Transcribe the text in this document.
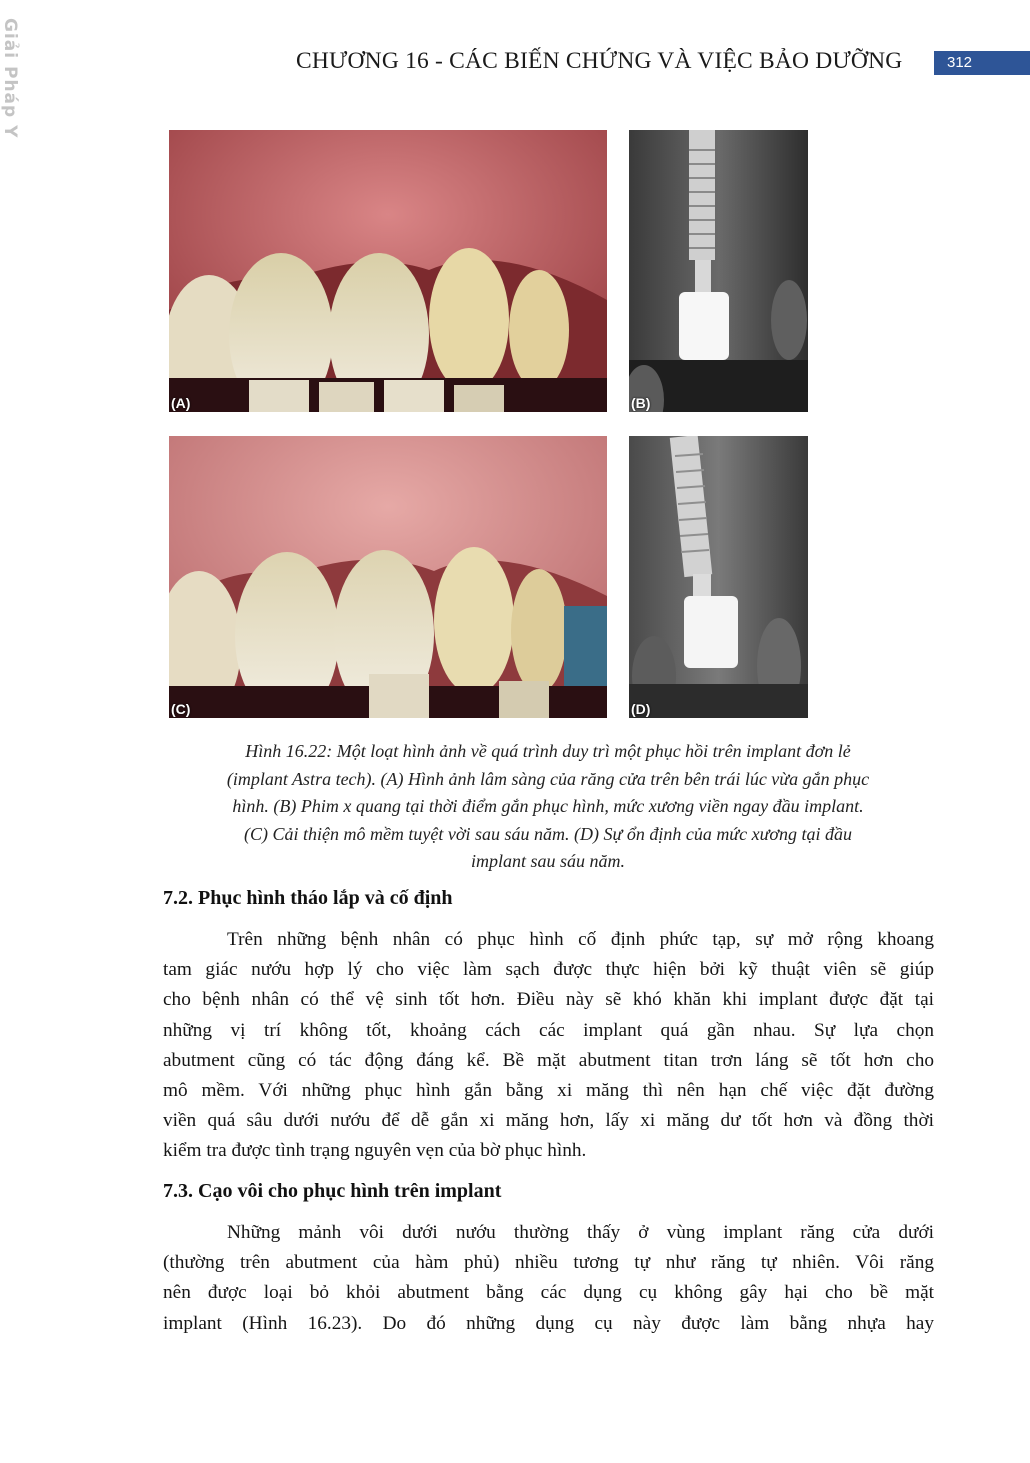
Giải Pháp Y
CHƯƠNG 16 - CÁC BIẾN CHỨNG VÀ VIỆC BẢO DƯỠNG	312
(A)	(B)
(C)	(D)

Hình 16.22: Một loạt hình ảnh về quá trình duy trì một phục hồi trên implant đơn lẻ

(implant Astra tech). (A) Hình ảnh lâm sàng của răng cửa trên bên trái lúc vừa gắn phục

hình. (B) Phim x quang tại thời điểm gắn phục hình, mức xương viền ngay đầu implant.

(C) Cải thiện mô mềm tuyệt vời sau sáu năm. (D) Sự ổn định của mức xương tại đầu

implant sau sáu năm.

7.2. Phục hình tháo lắp và cố định
Trên những bệnh nhân có phục hình cố định phức tạp, sự mở rộng khoang
tam giác nướu hợp lý cho việc làm sạch được thực hiện bởi kỹ thuật viên sẽ giúp
cho bệnh nhân có thể vệ sinh tốt hơn. Điều này sẽ khó khăn khi implant được đặt tại
những vị trí không tốt, khoảng cách các implant quá gần nhau. Sự lựa chọn
abutment cũng có tác động đáng kể. Bề mặt abutment titan trơn láng sẽ tốt hơn cho
mô mềm. Với những phục hình gắn bằng xi măng thì nên hạn chế việc đặt đường
viền quá sâu dưới nướu để dễ gắn xi măng hơn, lấy xi măng dư tốt hơn và đồng thời
kiểm tra được tình trạng nguyên vẹn của bờ phục hình.
7.3. Cạo vôi cho phục hình trên implant
Những mảnh vôi dưới nướu thường thấy ở vùng implant răng cửa dưới
(thường trên abutment của hàm phủ) nhiều tương tự như răng tự nhiên. Vôi răng
nên được loại bỏ khỏi abutment bằng các dụng cụ không gây hại cho bề mặt
implant (Hình 16.23). Do đó những dụng cụ này được làm bằng nhựa hay
